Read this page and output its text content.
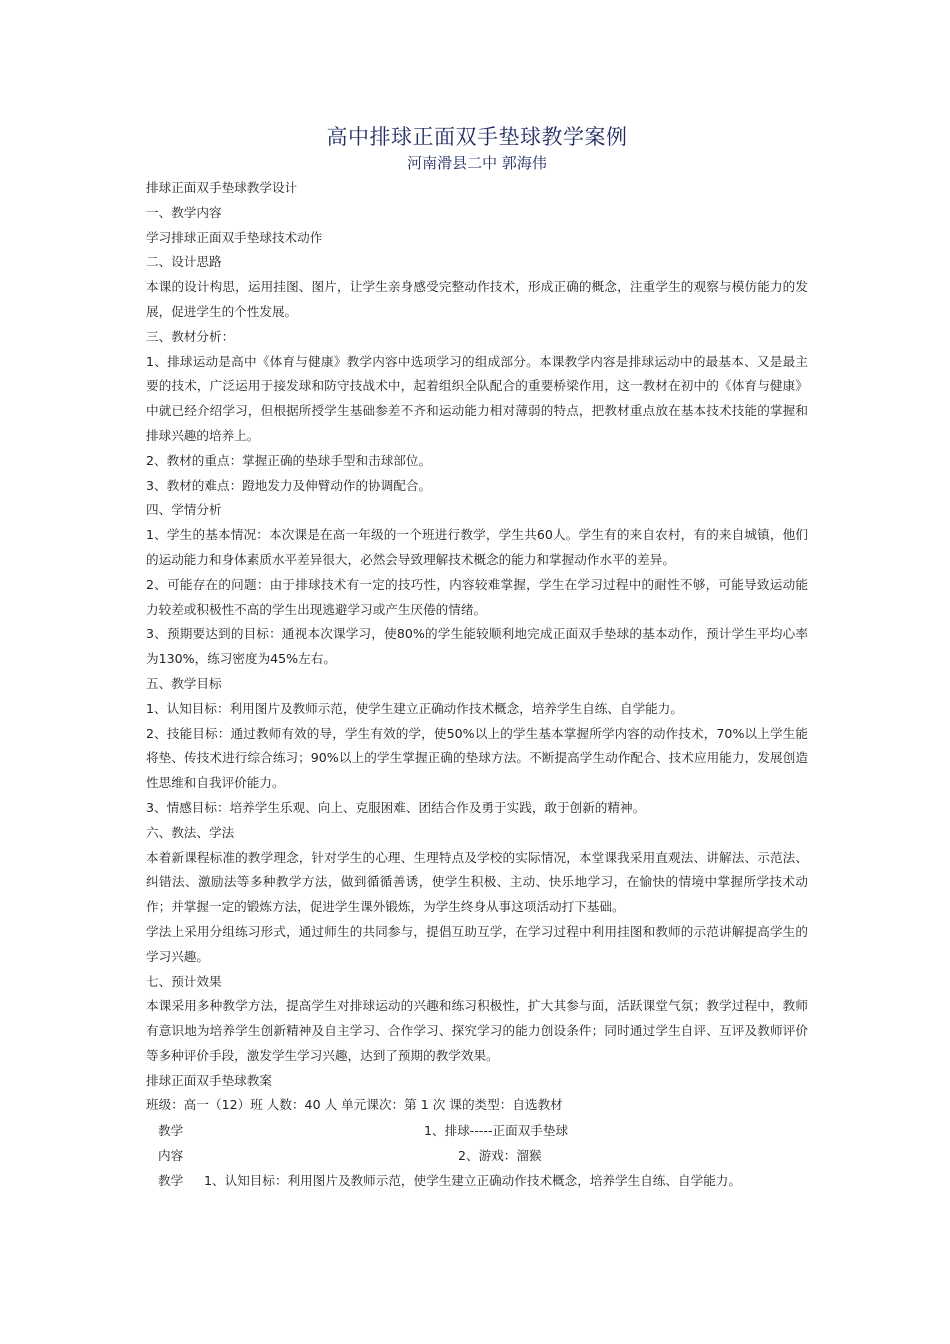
高中排球正面双手垫球教学案例
河南滑县二中 郭海伟
排球正面双手垫球教学设计
一、教学内容
学习排球正面双手垫球技术动作
二、设计思路
本课的设计构思，运用挂图、图片，让学生亲身感受完整动作技术，形成正确的概念，注重学生的观察与模仿能力的发展，促进学生的个性发展。
三、教材分析：
1、排球运动是高中《体育与健康》教学内容中选项学习的组成部分。本课教学内容是排球运动中的最基本、又是最主要的技术，广泛运用于接发球和防守技战术中，起着组织全队配合的重要桥梁作用，这一教材在初中的《体育与健康》中就已经介绍学习，但根据所授学生基础参差不齐和运动能力相对薄弱的特点，把教材重点放在基本技术技能的掌握和排球兴趣的培养上。
2、教材的重点：掌握正确的垫球手型和击球部位。
3、教材的难点：蹬地发力及伸臂动作的协调配合。
四、学情分析
1、学生的基本情况：本次课是在高一年级的一个班进行教学，学生共60人。学生有的来自农村，有的来自城镇，他们的运动能力和身体素质水平差异很大，必然会导致理解技术概念的能力和掌握动作水平的差异。
2、可能存在的问题：由于排球技术有一定的技巧性，内容较难掌握，学生在学习过程中的耐性不够，可能导致运动能力较差或积极性不高的学生出现逃避学习或产生厌倦的情绪。
3、预期要达到的目标：通视本次课学习，使80%的学生能较顺利地完成正面双手垫球的基本动作，预计学生平均心率为130%，练习密度为45%左右。
五、教学目标
1、认知目标：利用图片及教师示范，使学生建立正确动作技术概念，培养学生自练、自学能力。
2、技能目标：通过教师有效的导，学生有效的学，使50%以上的学生基本掌握所学内容的动作技术，70%以上学生能将垫、传技术进行综合练习；90%以上的学生掌握正确的垫球方法。不断提高学生动作配合、技术应用能力，发展创造性思维和自我评价能力。
3、情感目标：培养学生乐观、向上、克服困难、团结合作及勇于实践，敢于创新的精神。
六、教法、学法
本着新课程标准的教学理念，针对学生的心理、生理特点及学校的实际情况，本堂课我采用直观法、讲解法、示范法、纠错法、激励法等多种教学方法，做到循循善诱，使学生积极、主动、快乐地学习，在愉快的情境中掌握所学技术动作；并掌握一定的锻炼方法，促进学生课外锻炼，为学生终身从事这项活动打下基础。
学法上采用分组练习形式，通过师生的共同参与，提倡互助互学，在学习过程中利用挂图和教师的示范讲解提高学生的学习兴趣。
七、预计效果
本课采用多种教学方法，提高学生对排球运动的兴趣和练习积极性，扩大其参与面，活跃课堂气氛；教学过程中，教师有意识地为培养学生创新精神及自主学习、合作学习、探究学习的能力创设条件；同时通过学生自评、互评及教师评价等多种评价手段，激发学生学习兴趣，达到了预期的教学效果。
排球正面双手垫球教案
班级：高一（12）班 人数：40 人 单元课次：第 1 次 课的类型：自选教材
教学	1、排球-----正面双手垫球
内容	2、游戏：溜猴
教学 1、认知目标：利用图片及教师示范，使学生建立正确动作技术概念，培养学生自练、自学能力。
